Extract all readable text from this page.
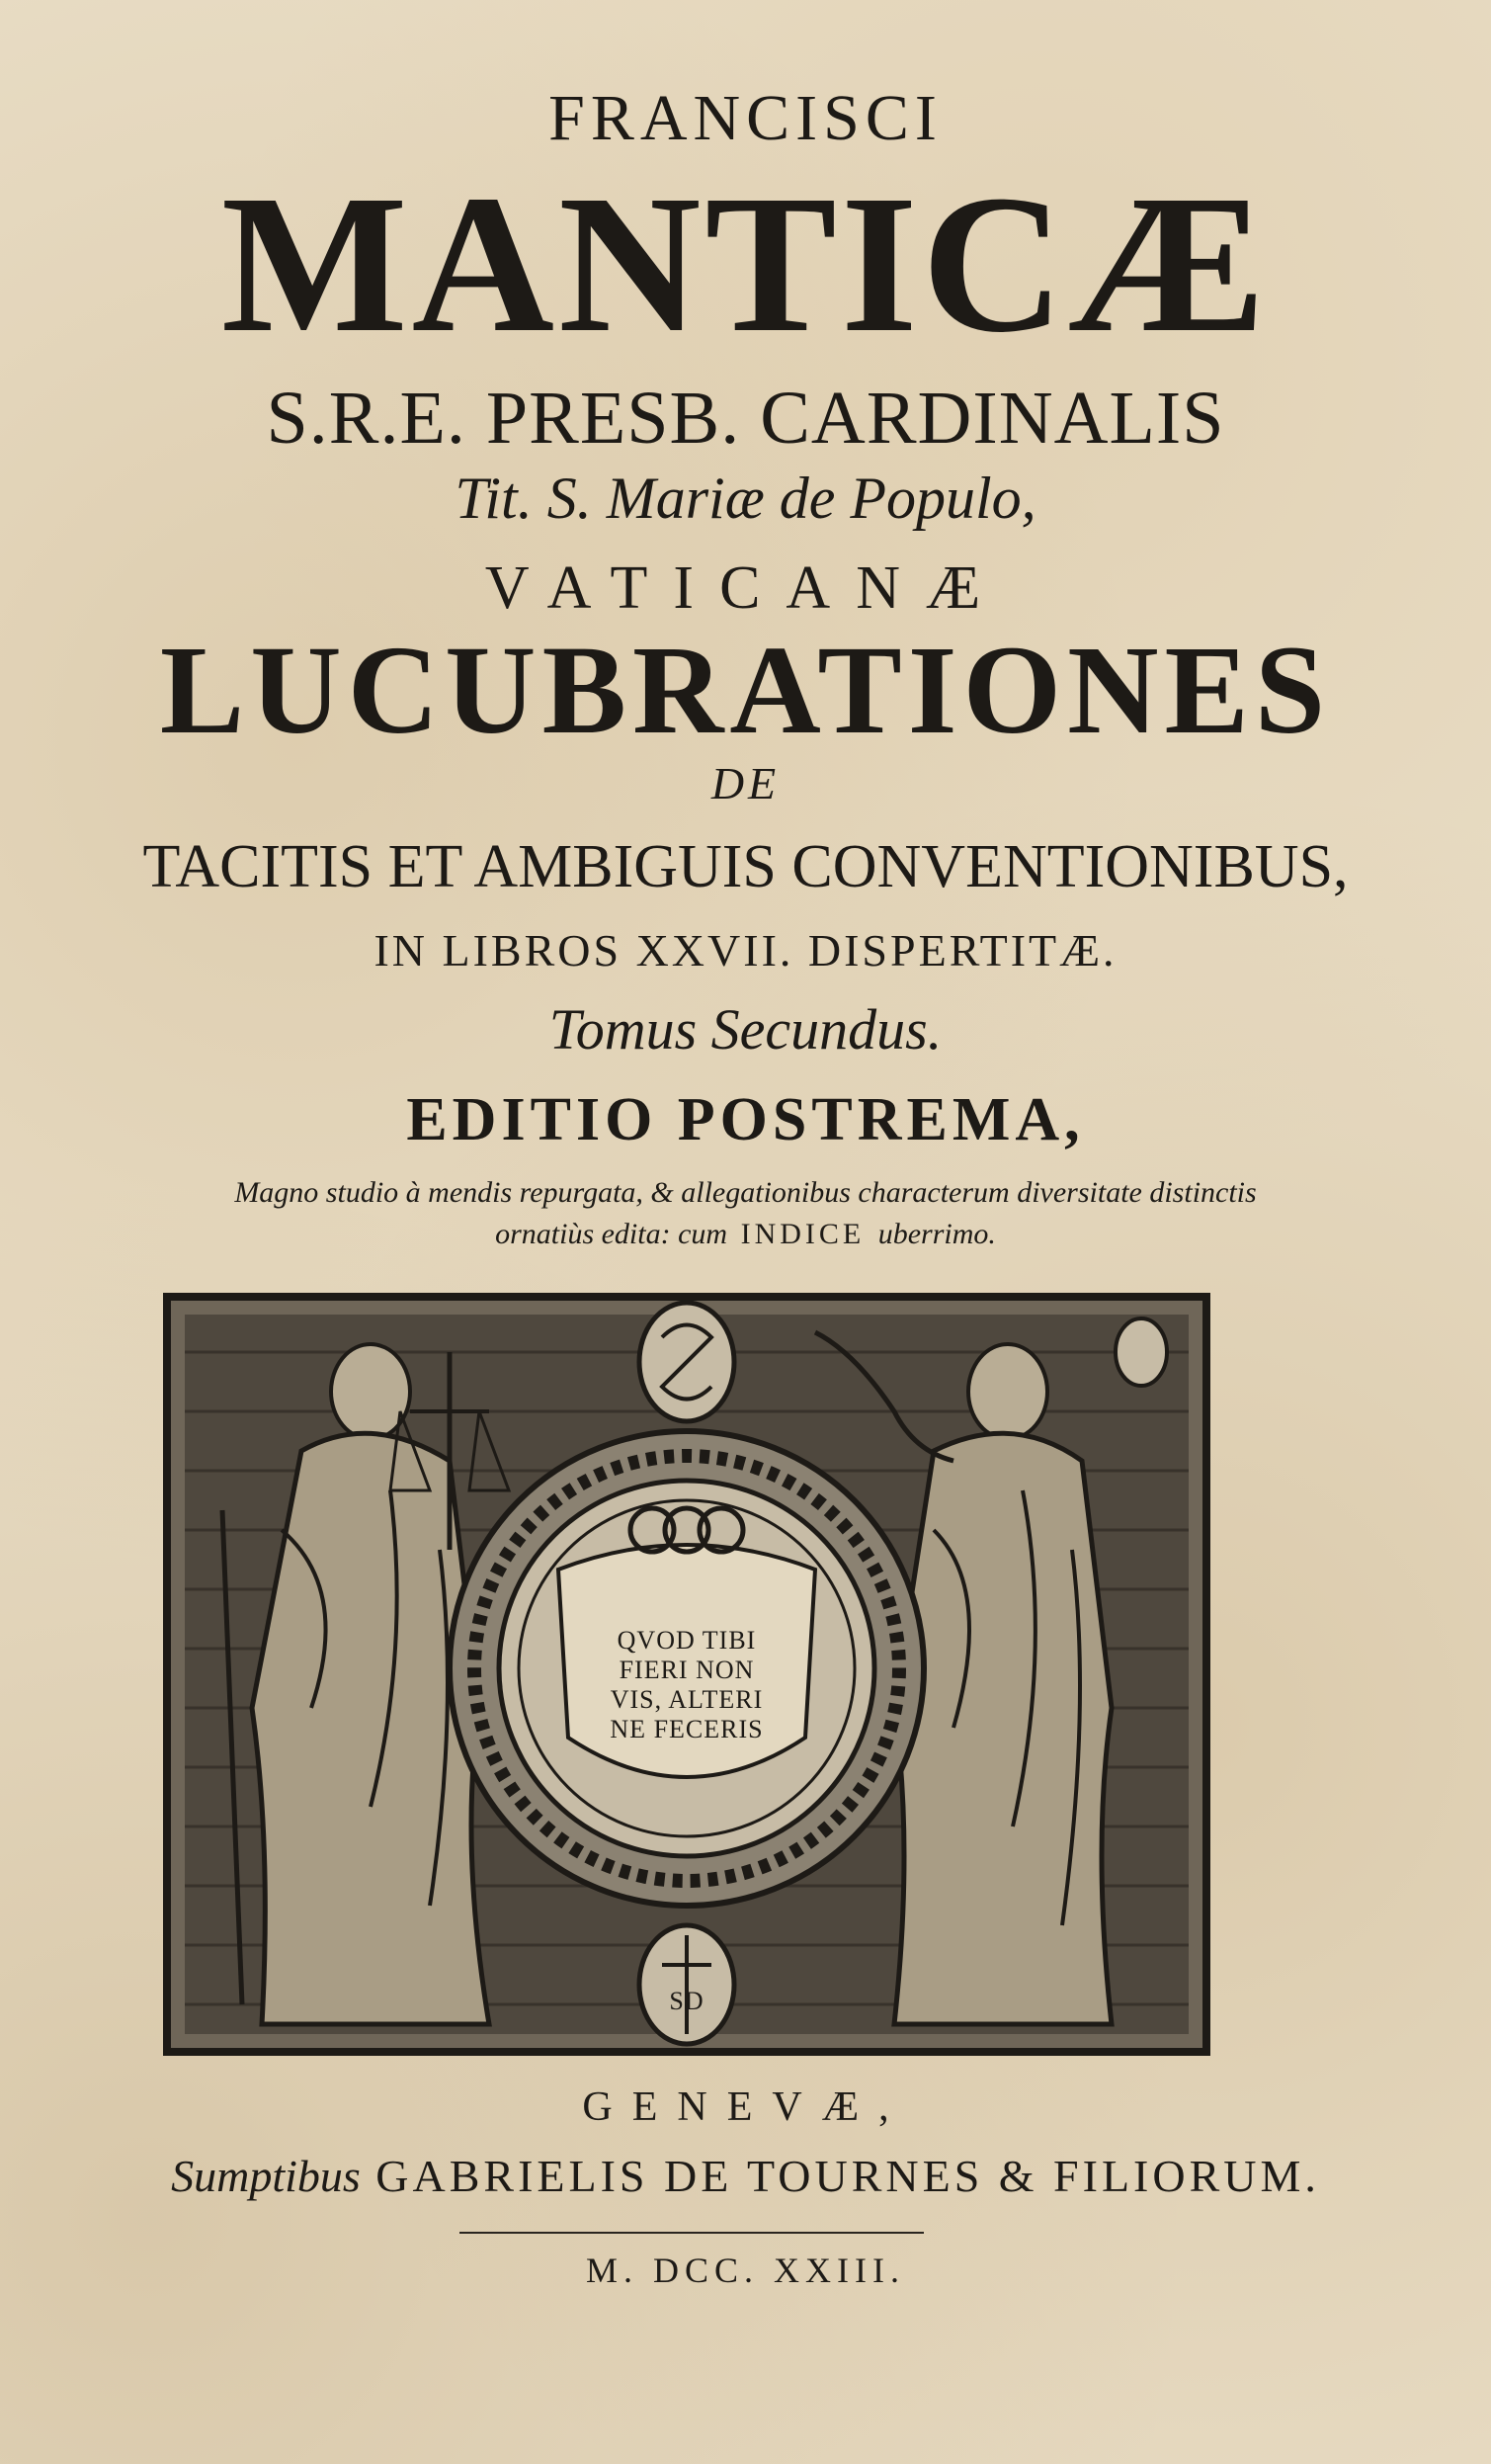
FRANCISCI
MANTICÆ
S.R.E. PRESB. CARDINALIS
Tit. S. Mariæ de Populo,
VATICANÆ
LUCUBRATIONES
DE
TACITIS ET AMBIGUIS CONVENTIONIBUS,
IN LIBROS XXVII. DISPERTITÆ.
Tomus Secundus.
EDITIO POSTREMA,
Magno studio à mendis repurgata, & allegationibus characterum diversitate distinctis
ornatiùs edita: cum INDICE uberrimo.
QVOD TIBI
FIERI NON
VIS, ALTERI
NE FECERIS
SD
GENEVÆ,
Sumptibus GABRIELIS DE TOURNES & FILIORUM.
M. DCC. XXIII.
